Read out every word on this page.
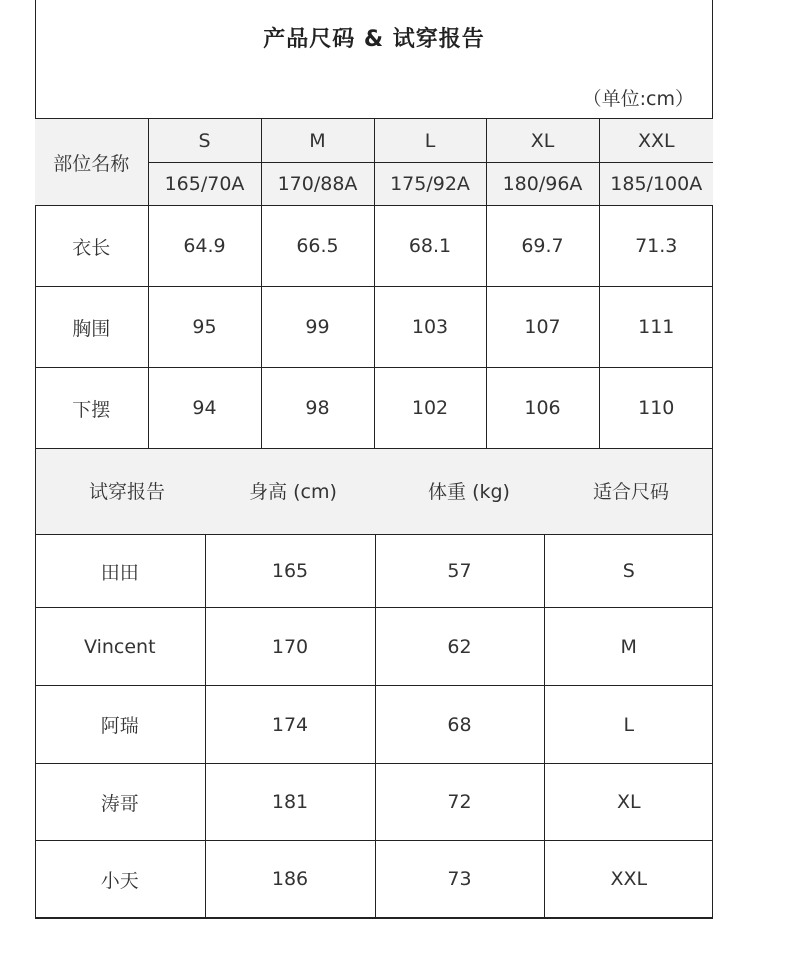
产品尺码 & 试穿报告
（单位:cm）
部位名称	S	M	L	XL	XXL
	165/70A	170/88A	175/92A	180/96A	185/100A
衣长	64.9	66.5	68.1	69.7	71.3
胸围	95	99	103	107	111
下摆	94	98	102	106	110
试穿报告	身高 (cm)	体重 (kg)	适合尺码
田田	165	57	S
Vincent	170	62	M
阿瑞	174	68	L
涛哥	181	72	XL
小天	186	73	XXL
